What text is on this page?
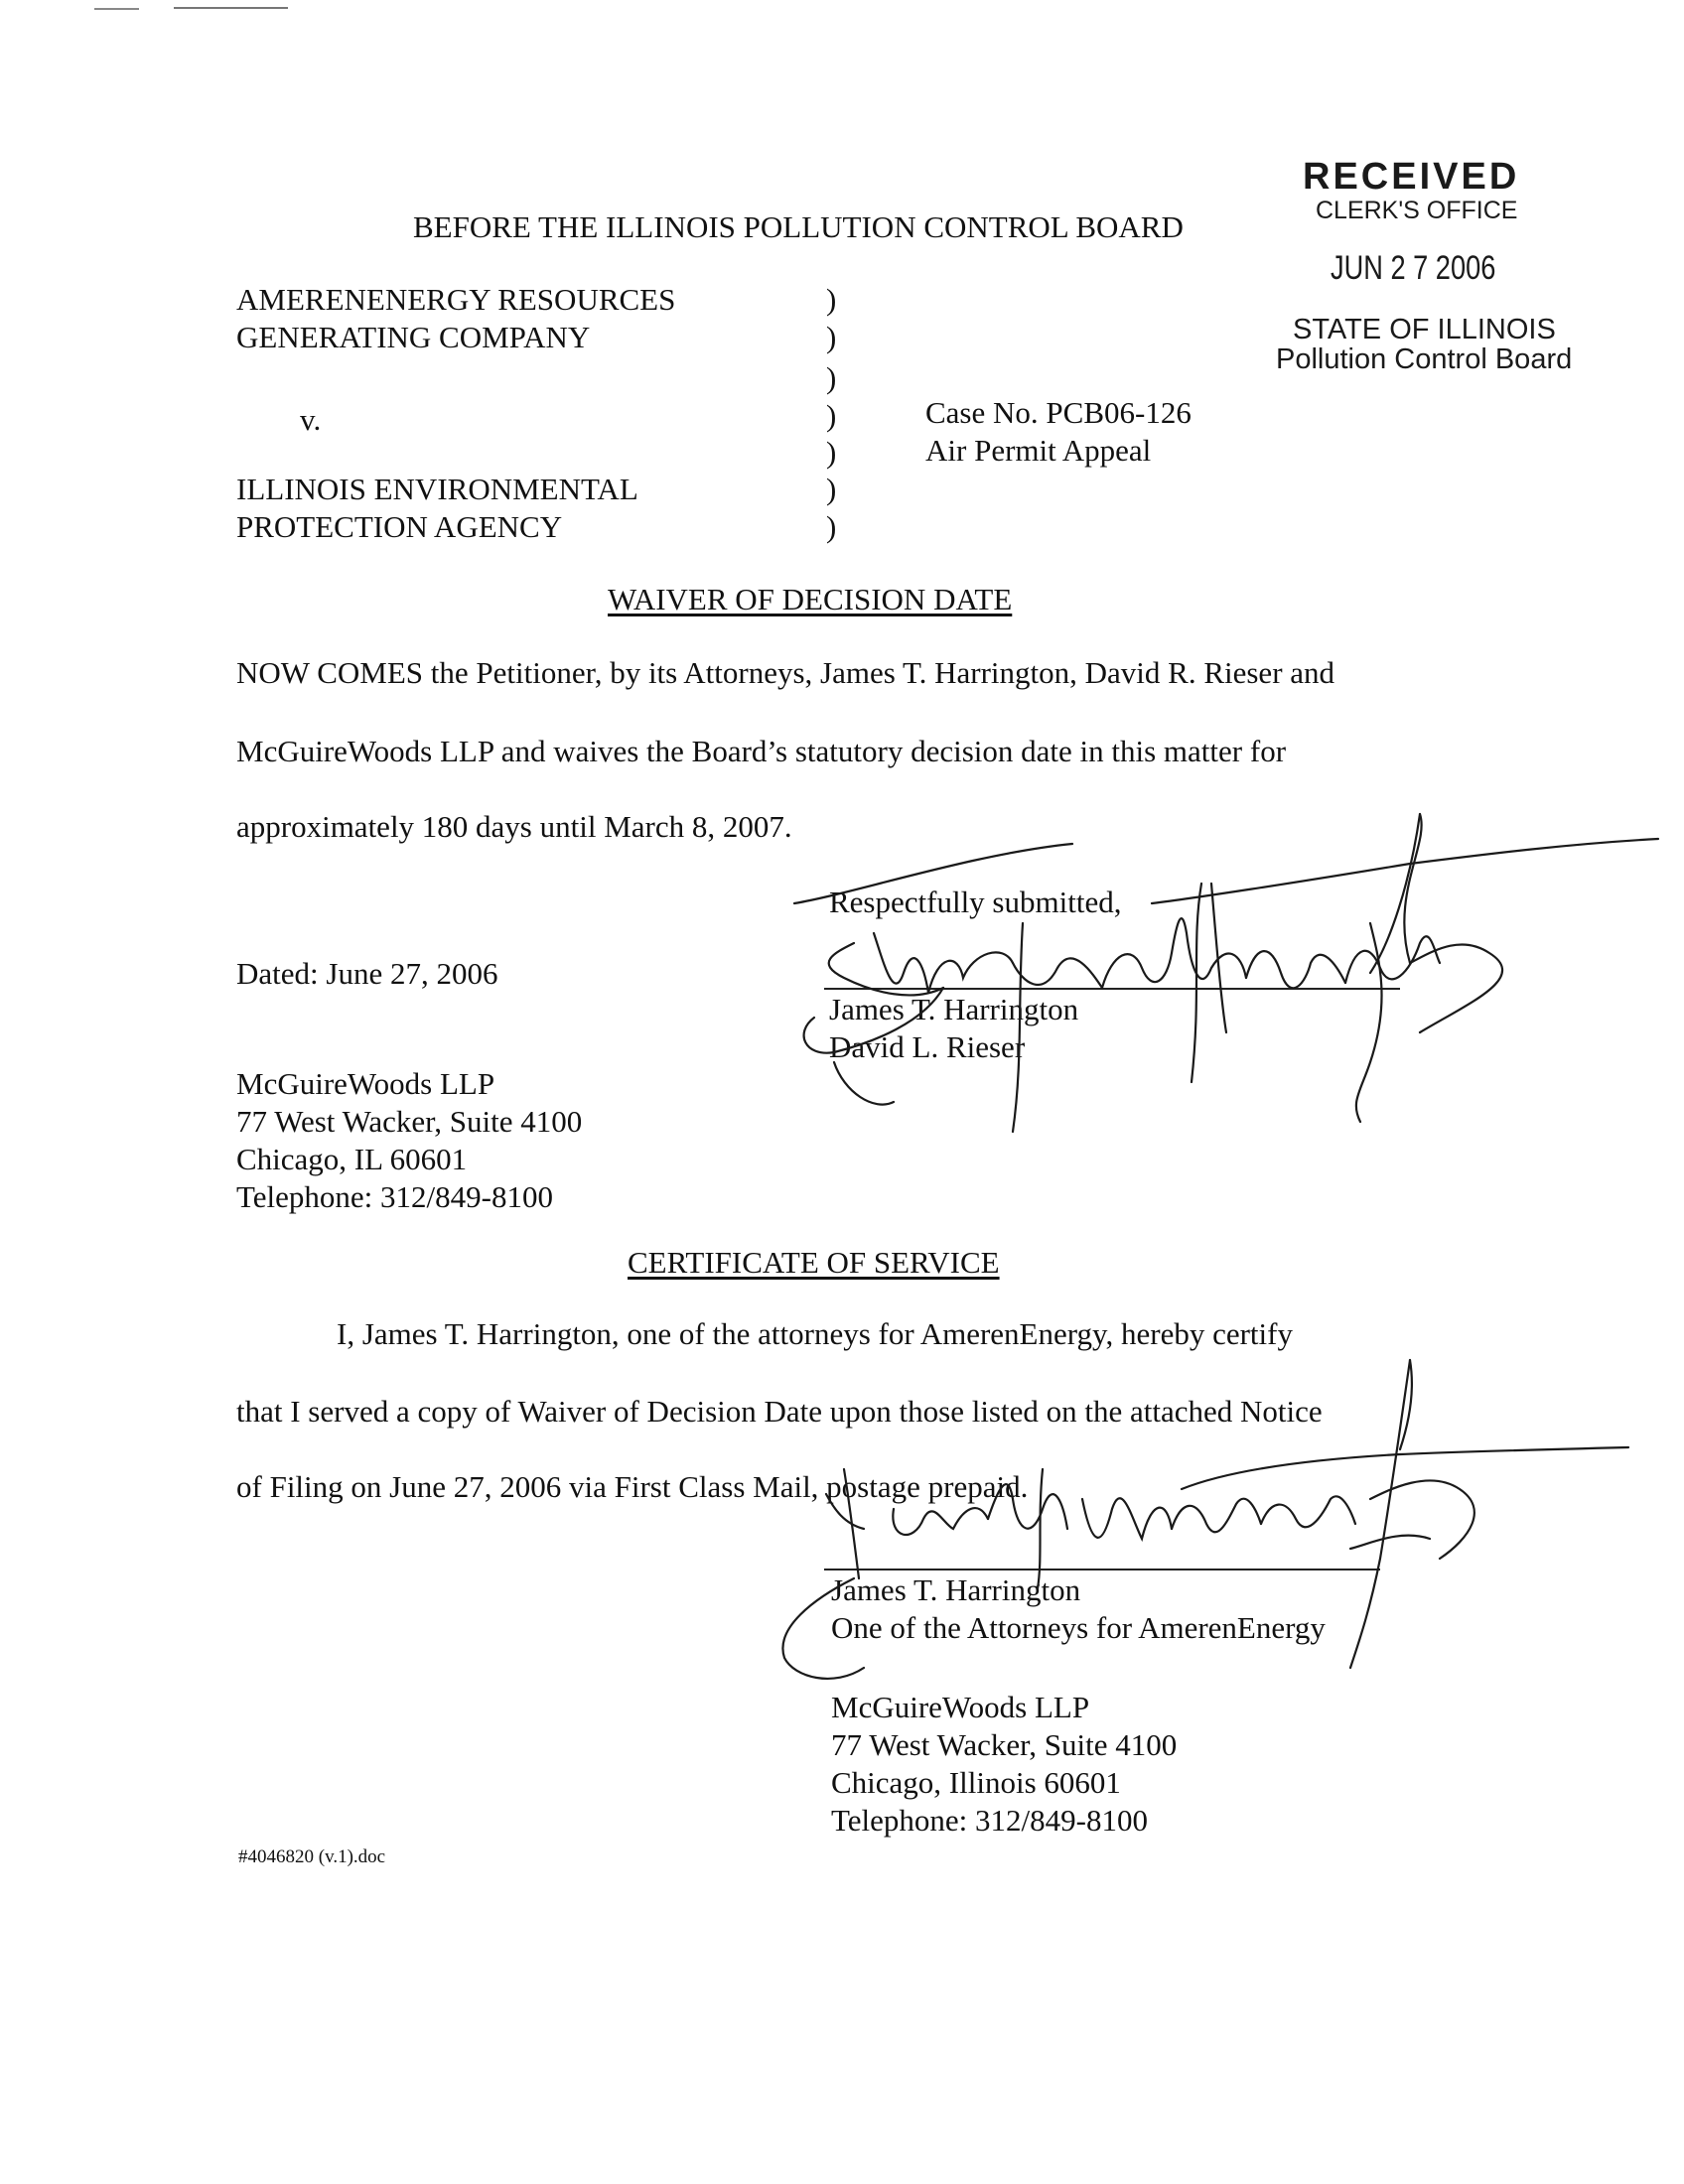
RECEIVED
CLERK'S OFFICE
JUN 2 7 2006
STATE OF ILLINOIS
Pollution Control Board
BEFORE THE ILLINOIS POLLUTION CONTROL BOARD
AMERENENERGY RESOURCES
GENERATING COMPANY
v.
ILLINOIS ENVIRONMENTAL
PROTECTION AGENCY
)
)
)
)
)
)
)
Case No. PCB06-126
Air Permit Appeal
WAIVER OF DECISION DATE
NOW COMES the Petitioner, by its Attorneys, James T. Harrington, David R. Rieser and
McGuireWoods LLP and waives the Board’s statutory decision date in this matter for
approximately 180 days until March 8, 2007.
Dated: June 27, 2006
Respectfully submitted,
James T. Harrington
David L. Rieser
McGuireWoods LLP
77 West Wacker, Suite 4100
Chicago, IL 60601
Telephone: 312/849-8100
CERTIFICATE OF SERVICE
I, James T. Harrington, one of the attorneys for AmerenEnergy, hereby certify
that I served a copy of Waiver of Decision Date upon those listed on the attached Notice
of Filing on June 27, 2006 via First Class Mail, postage prepaid.
James T. Harrington
One of the Attorneys for AmerenEnergy
McGuireWoods LLP
77 West Wacker, Suite 4100
Chicago, Illinois 60601
Telephone: 312/849-8100
#4046820 (v.1).doc
